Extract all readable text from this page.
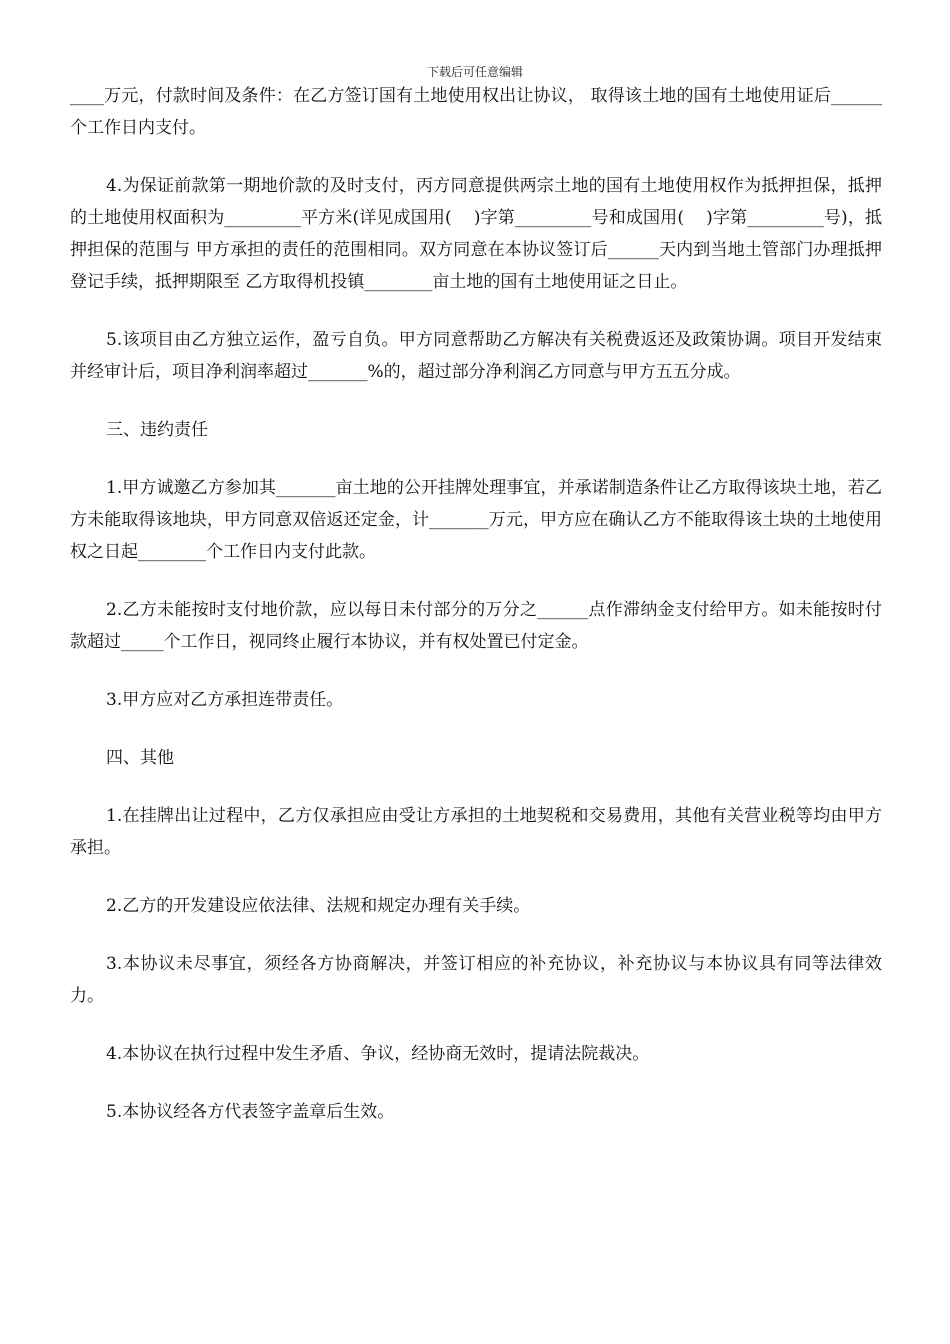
下载后可任意编辑

____万元，付款时间及条件：在乙方签订国有土地使用权出让协议， 取得该土地的国有土地使用证后______个工作日内支付。

4.为保证前款第一期地价款的及时支付，丙方同意提供两宗土地的国有土地使用权作为抵押担保，抵押的土地使用权面积为_________平方米(详见成国用(    )字第_________号和成国用(    )字第_________号)，抵押担保的范围与 甲方承担的责任的范围相同。双方同意在本协议签订后______天内到当地土管部门办理抵押登记手续，抵押期限至 乙方取得机投镇________亩土地的国有土地使用证之日止。

5.该项目由乙方独立运作，盈亏自负。甲方同意帮助乙方解决有关税费返还及政策协调。项目开发结束并经审计后，项目净利润率超过_______%的，超过部分净利润乙方同意与甲方五五分成。

三、违约责任

1.甲方诚邀乙方参加其_______亩土地的公开挂牌处理事宜，并承诺制造条件让乙方取得该块土地，若乙方未能取得该地块，甲方同意双倍返还定金，计_______万元，甲方应在确认乙方不能取得该土块的土地使用权之日起________个工作日内支付此款。

2.乙方未能按时支付地价款，应以每日未付部分的万分之______点作滞纳金支付给甲方。如未能按时付款超过_____个工作日，视同终止履行本协议，并有权处置已付定金。

3.甲方应对乙方承担连带责任。

四、其他

1.在挂牌出让过程中，乙方仅承担应由受让方承担的土地契税和交易费用，其他有关营业税等均由甲方承担。

2.乙方的开发建设应依法律、法规和规定办理有关手续。

3.本协议未尽事宜，须经各方协商解决，并签订相应的补充协议，补充协议与本协议具有同等法律效力。

4.本协议在执行过程中发生矛盾、争议，经协商无效时，提请法院裁决。

5.本协议经各方代表签字盖章后生效。
